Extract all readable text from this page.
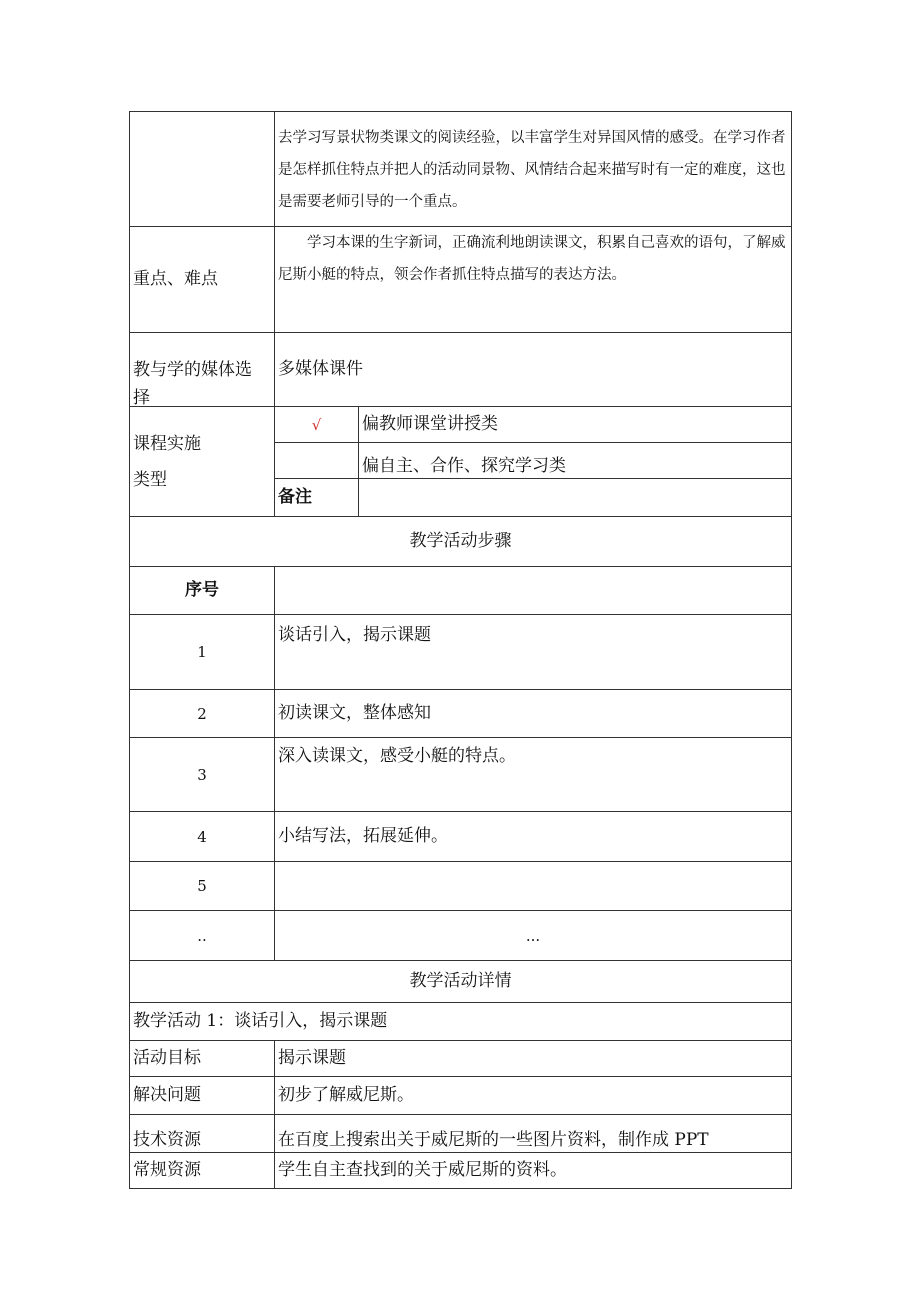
	去学习写景状物类课文的阅读经验，以丰富学生对异国风情的感受。在学习作者是怎样抓住特点并把人的活动同景物、风情结合起来描写时有一定的难度，这也是需要老师引导的一个重点。	
重点、难点	学习本课的生字新词，正确流利地朗读课文，积累自己喜欢的语句，了解威尼斯小艇的特点，领会作者抓住特点描写的表达方法。	

教与学的媒体选
择	多媒体课件	

课程实施
类型	√	偏教师课堂讲授类
		偏自主、合作、探究学习类
	备注	
教学活动步骤		
序号		
1	谈话引入，揭示课题	
2	初读课文，整体感知	
3	深入读课文，感受小艇的特点。	
4	小结写法，拓展延伸。	
5		
..	...	
教学活动详情		
教学活动 1：谈话引入，揭示课题		
活动目标	揭示课题	
解决问题	初步了解威尼斯。	
技术资源	在百度上搜索出关于威尼斯的一些图片资料，制作成 PPT	
常规资源	学生自主查找到的关于威尼斯的资料。	
